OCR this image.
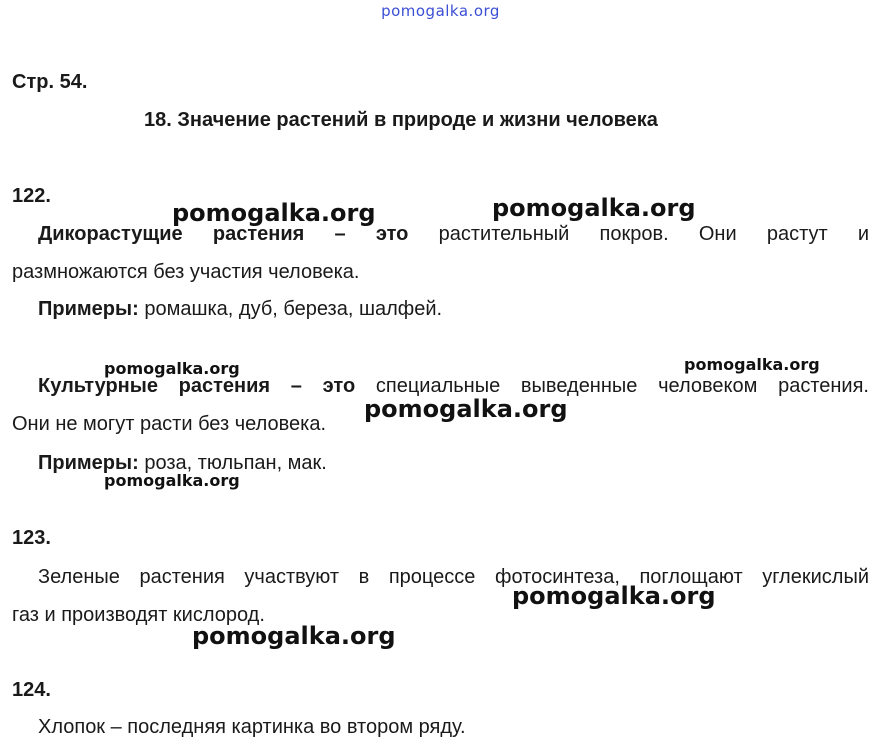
pomogalka.org
Стр. 54.
18. Значение растений в природе и жизни человека
122.
Дикорастущие растения – это растительный покров. Они растут и
размножаются без участия человека.
Примеры: ромашка, дуб, береза, шалфей.
Культурные растения – это специальные выведенные человеком растения.
Они не могут расти без человека.
Примеры: роза, тюльпан, мак.
123.
Зеленые растения участвуют в процессе фотосинтеза, поглощают углекислый
газ и производят кислород.
124.
Хлопок – последняя картинка во втором ряду.
pomogalka.org	pomogalka.org
pomogalka.org	pomogalka.org
pomogalka.org
pomogalka.org
pomogalka.org
pomogalka.org
